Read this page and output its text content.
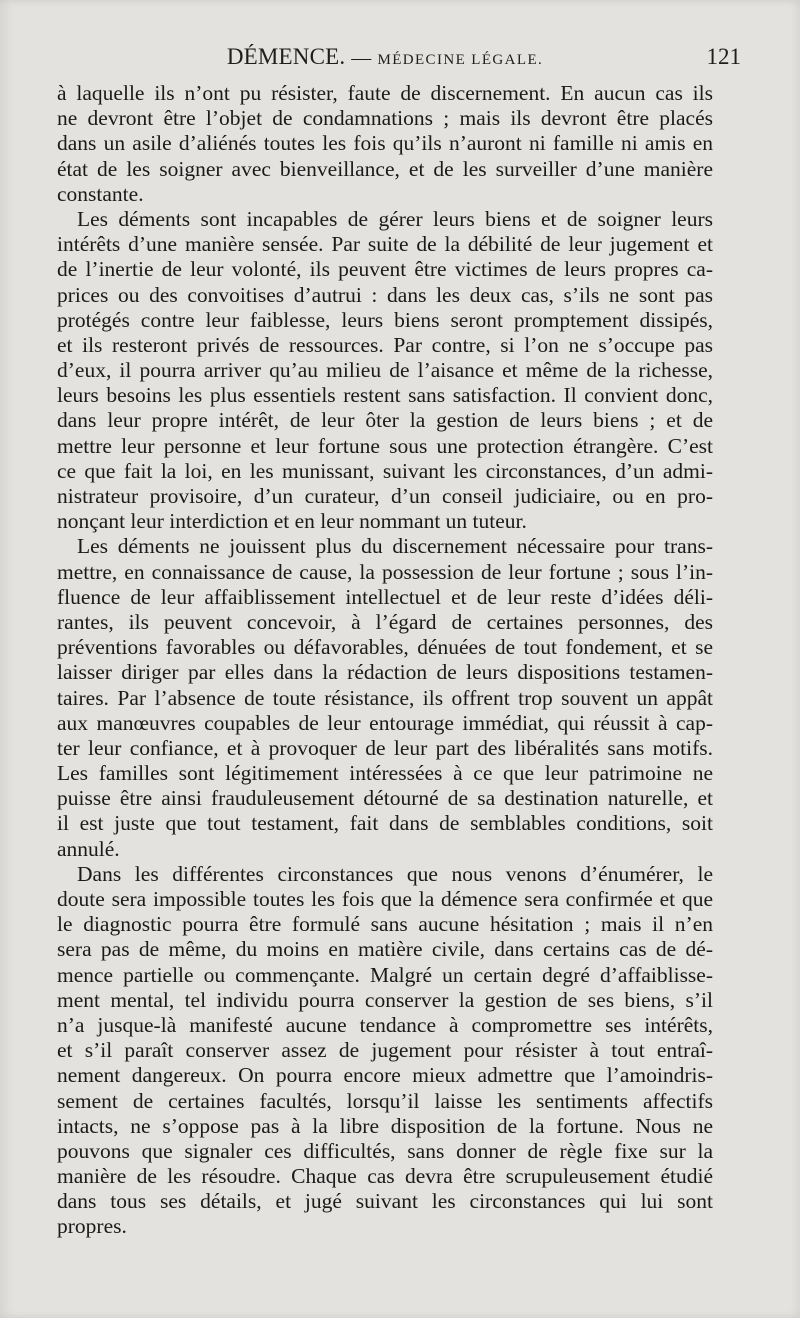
DÉMENCE. — MÉDECINE LÉGALE.	121
à laquelle ils n’ont pu résister, faute de discernement. En aucun cas ils
ne devront être l’objet de condamnations ; mais ils devront être placés
dans un asile d’aliénés toutes les fois qu’ils n’auront ni famille ni amis en
état de les soigner avec bienveillance, et de les surveiller d’une manière
constante.
Les déments sont incapables de gérer leurs biens et de soigner leurs
intérêts d’une manière sensée. Par suite de la débilité de leur jugement et
de l’inertie de leur volonté, ils peuvent être victimes de leurs propres ca-
prices ou des convoitises d’autrui : dans les deux cas, s’ils ne sont pas
protégés contre leur faiblesse, leurs biens seront promptement dissipés,
et ils resteront privés de ressources. Par contre, si l’on ne s’occupe pas
d’eux, il pourra arriver qu’au milieu de l’aisance et même de la richesse,
leurs besoins les plus essentiels restent sans satisfaction. Il convient donc,
dans leur propre intérêt, de leur ôter la gestion de leurs biens ; et de
mettre leur personne et leur fortune sous une protection étrangère. C’est
ce que fait la loi, en les munissant, suivant les circonstances, d’un admi-
nistrateur provisoire, d’un curateur, d’un conseil judiciaire, ou en pro-
nonçant leur interdiction et en leur nommant un tuteur.
Les déments ne jouissent plus du discernement nécessaire pour trans-
mettre, en connaissance de cause, la possession de leur fortune ; sous l’in-
fluence de leur affaiblissement intellectuel et de leur reste d’idées déli-
rantes, ils peuvent concevoir, à l’égard de certaines personnes, des
préventions favorables ou défavorables, dénuées de tout fondement, et se
laisser diriger par elles dans la rédaction de leurs dispositions testamen-
taires. Par l’absence de toute résistance, ils offrent trop souvent un appât
aux manœuvres coupables de leur entourage immédiat, qui réussit à cap-
ter leur confiance, et à provoquer de leur part des libéralités sans motifs.
Les familles sont légitimement intéressées à ce que leur patrimoine ne
puisse être ainsi frauduleusement détourné de sa destination naturelle, et
il est juste que tout testament, fait dans de semblables conditions, soit
annulé.
Dans les différentes circonstances que nous venons d’énumérer, le
doute sera impossible toutes les fois que la démence sera confirmée et que
le diagnostic pourra être formulé sans aucune hésitation ; mais il n’en
sera pas de même, du moins en matière civile, dans certains cas de dé-
mence partielle ou commençante. Malgré un certain degré d’affaiblisse-
ment mental, tel individu pourra conserver la gestion de ses biens, s’il
n’a jusque-là manifesté aucune tendance à compromettre ses intérêts,
et s’il paraît conserver assez de jugement pour résister à tout entraî-
nement dangereux. On pourra encore mieux admettre que l’amoindris-
sement de certaines facultés, lorsqu’il laisse les sentiments affectifs
intacts, ne s’oppose pas à la libre disposition de la fortune. Nous ne
pouvons que signaler ces difficultés, sans donner de règle fixe sur la
manière de les résoudre. Chaque cas devra être scrupuleusement étudié
dans tous ses détails, et jugé suivant les circonstances qui lui sont
propres.
